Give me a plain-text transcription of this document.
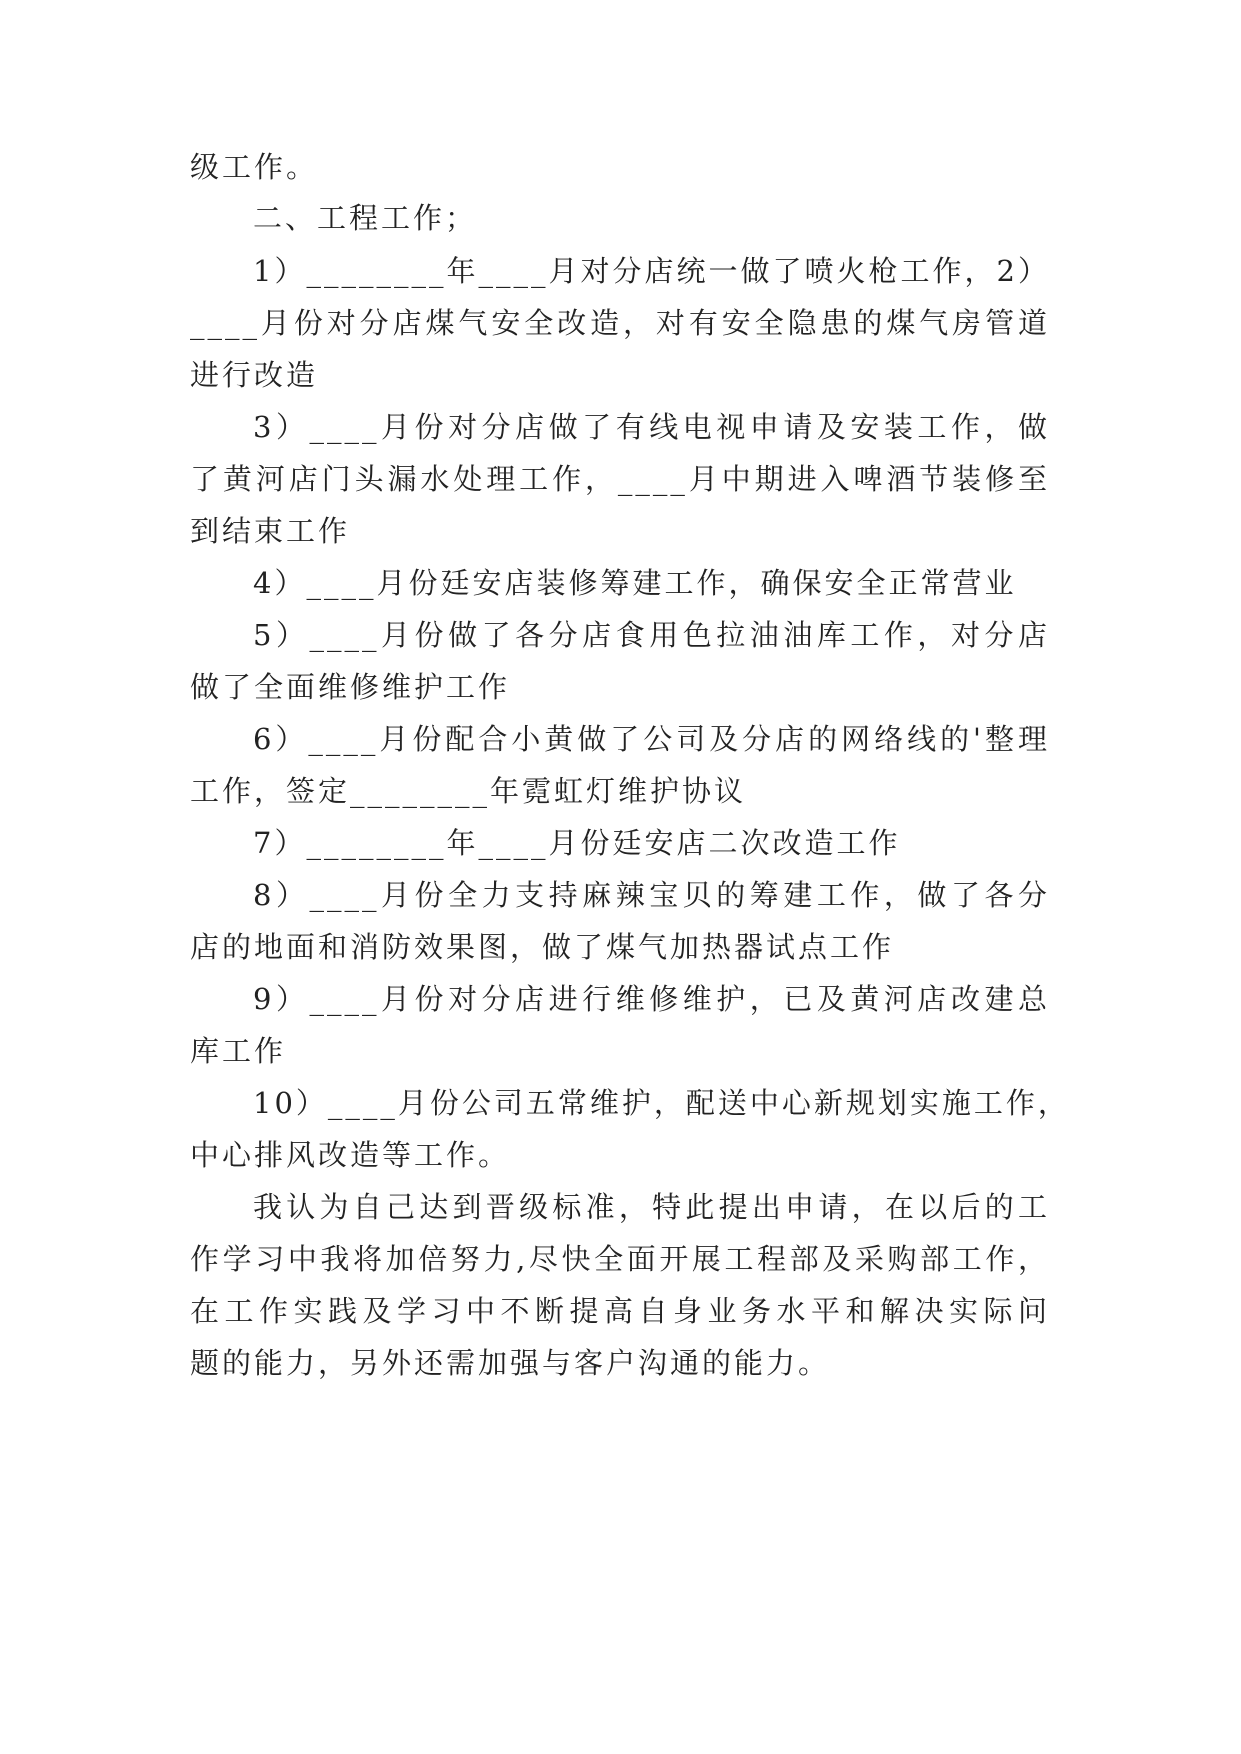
级工作。
二、工程工作；
1）________年____月对分店统一做了喷火枪工作，2）
____月份对分店煤气安全改造，对有安全隐患的煤气房管道
进行改造
3）____月份对分店做了有线电视申请及安装工作，做
了黄河店门头漏水处理工作，____月中期进入啤酒节装修至
到结束工作
4）____月份廷安店装修筹建工作，确保安全正常营业
5）____月份做了各分店食用色拉油油库工作，对分店
做了全面维修维护工作
6）____月份配合小黄做了公司及分店的网络线的'整理
工作，签定________年霓虹灯维护协议
7）________年____月份廷安店二次改造工作
8）____月份全力支持麻辣宝贝的筹建工作，做了各分
店的地面和消防效果图，做了煤气加热器试点工作
9）____月份对分店进行维修维护，已及黄河店改建总
库工作
10）____月份公司五常维护，配送中心新规划实施工作，
中心排风改造等工作。
我认为自己达到晋级标准，特此提出申请，在以后的工
作学习中我将加倍努力,尽快全面开展工程部及采购部工作，
在工作实践及学习中不断提高自身业务水平和解决实际问
题的能力，另外还需加强与客户沟通的能力。
